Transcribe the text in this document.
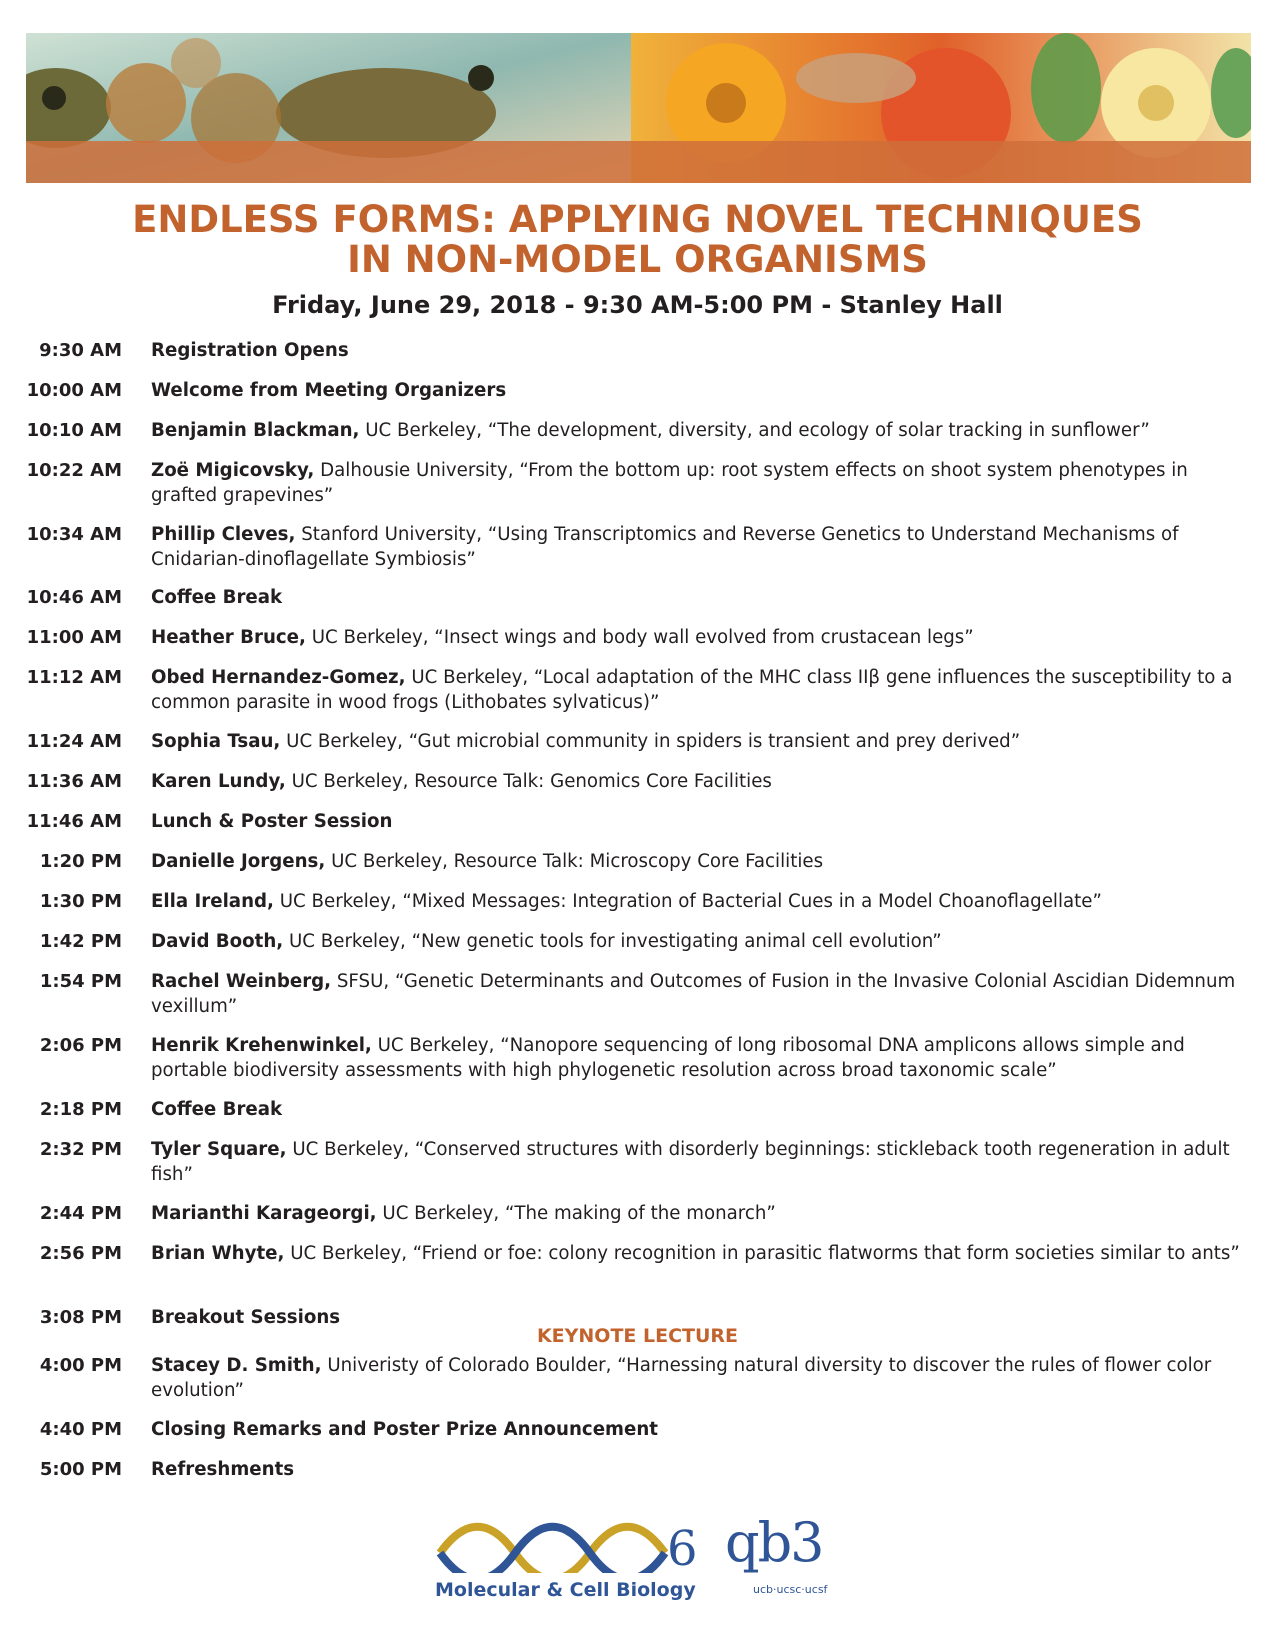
ENDLESS FORMS: APPLYING NOVEL TECHNIQUES
IN NON-MODEL ORGANISMS
Friday, June 29, 2018 - 9:30 AM-5:00 PM - Stanley Hall
9:30 AM Registration Opens
10:00 AM Welcome from Meeting Organizers
10:10 AM Benjamin Blackman, UC Berkeley, “The development, diversity, and ecology of solar tracking in sunflower”
10:22 AM Zoë Migicovsky, Dalhousie University, “From the bottom up: root system effects on shoot system phenotypes in grafted grapevines”
10:34 AM Phillip Cleves, Stanford University, “Using Transcriptomics and Reverse Genetics to Understand Mechanisms of Cnidarian-dinoflagellate Symbiosis”
10:46 AM Coffee Break
11:00 AM Heather Bruce, UC Berkeley, “Insect wings and body wall evolved from crustacean legs”
11:12 AM Obed Hernandez-Gomez, UC Berkeley, “Local adaptation of the MHC class IIβ gene influences the susceptibility to a common parasite in wood frogs (Lithobates sylvaticus)”
11:24 AM Sophia Tsau, UC Berkeley, “Gut microbial community in spiders is transient and prey derived”
11:36 AM Karen Lundy, UC Berkeley, Resource Talk: Genomics Core Facilities
11:46 AM Lunch & Poster Session
1:20 PM Danielle Jorgens, UC Berkeley, Resource Talk: Microscopy Core Facilities
1:30 PM Ella Ireland, UC Berkeley, “Mixed Messages: Integration of Bacterial Cues in a Model Choanoflagellate”
1:42 PM David Booth, UC Berkeley, “New genetic tools for investigating animal cell evolution”
1:54 PM Rachel Weinberg, SFSU, “Genetic Determinants and Outcomes of Fusion in the Invasive Colonial Ascidian Didemnum vexillum”
2:06 PM Henrik Krehenwinkel, UC Berkeley, “Nanopore sequencing of long ribosomal DNA amplicons allows simple and portable biodiversity assessments with high phylogenetic resolution across broad taxonomic scale”
2:18 PM Coffee Break
2:32 PM Tyler Square, UC Berkeley, “Conserved structures with disorderly beginnings: stickleback tooth regeneration in adult fish”
2:44 PM Marianthi Karageorgi, UC Berkeley, “The making of the monarch”
2:56 PM Brian Whyte, UC Berkeley, “Friend or foe: colony recognition in parasitic flatworms that form societies similar to ants”
3:08 PM Breakout Sessions
KEYNOTE LECTURE
4:00 PM Stacey D. Smith, Univeristy of Colorado Boulder, “Harnessing natural diversity to discover the rules of flower color evolution”
4:40 PM Closing Remarks and Poster Prize Announcement
5:00 PM Refreshments
6
Molecular & Cell Biology
qb3
ucb·ucsc·ucsf
